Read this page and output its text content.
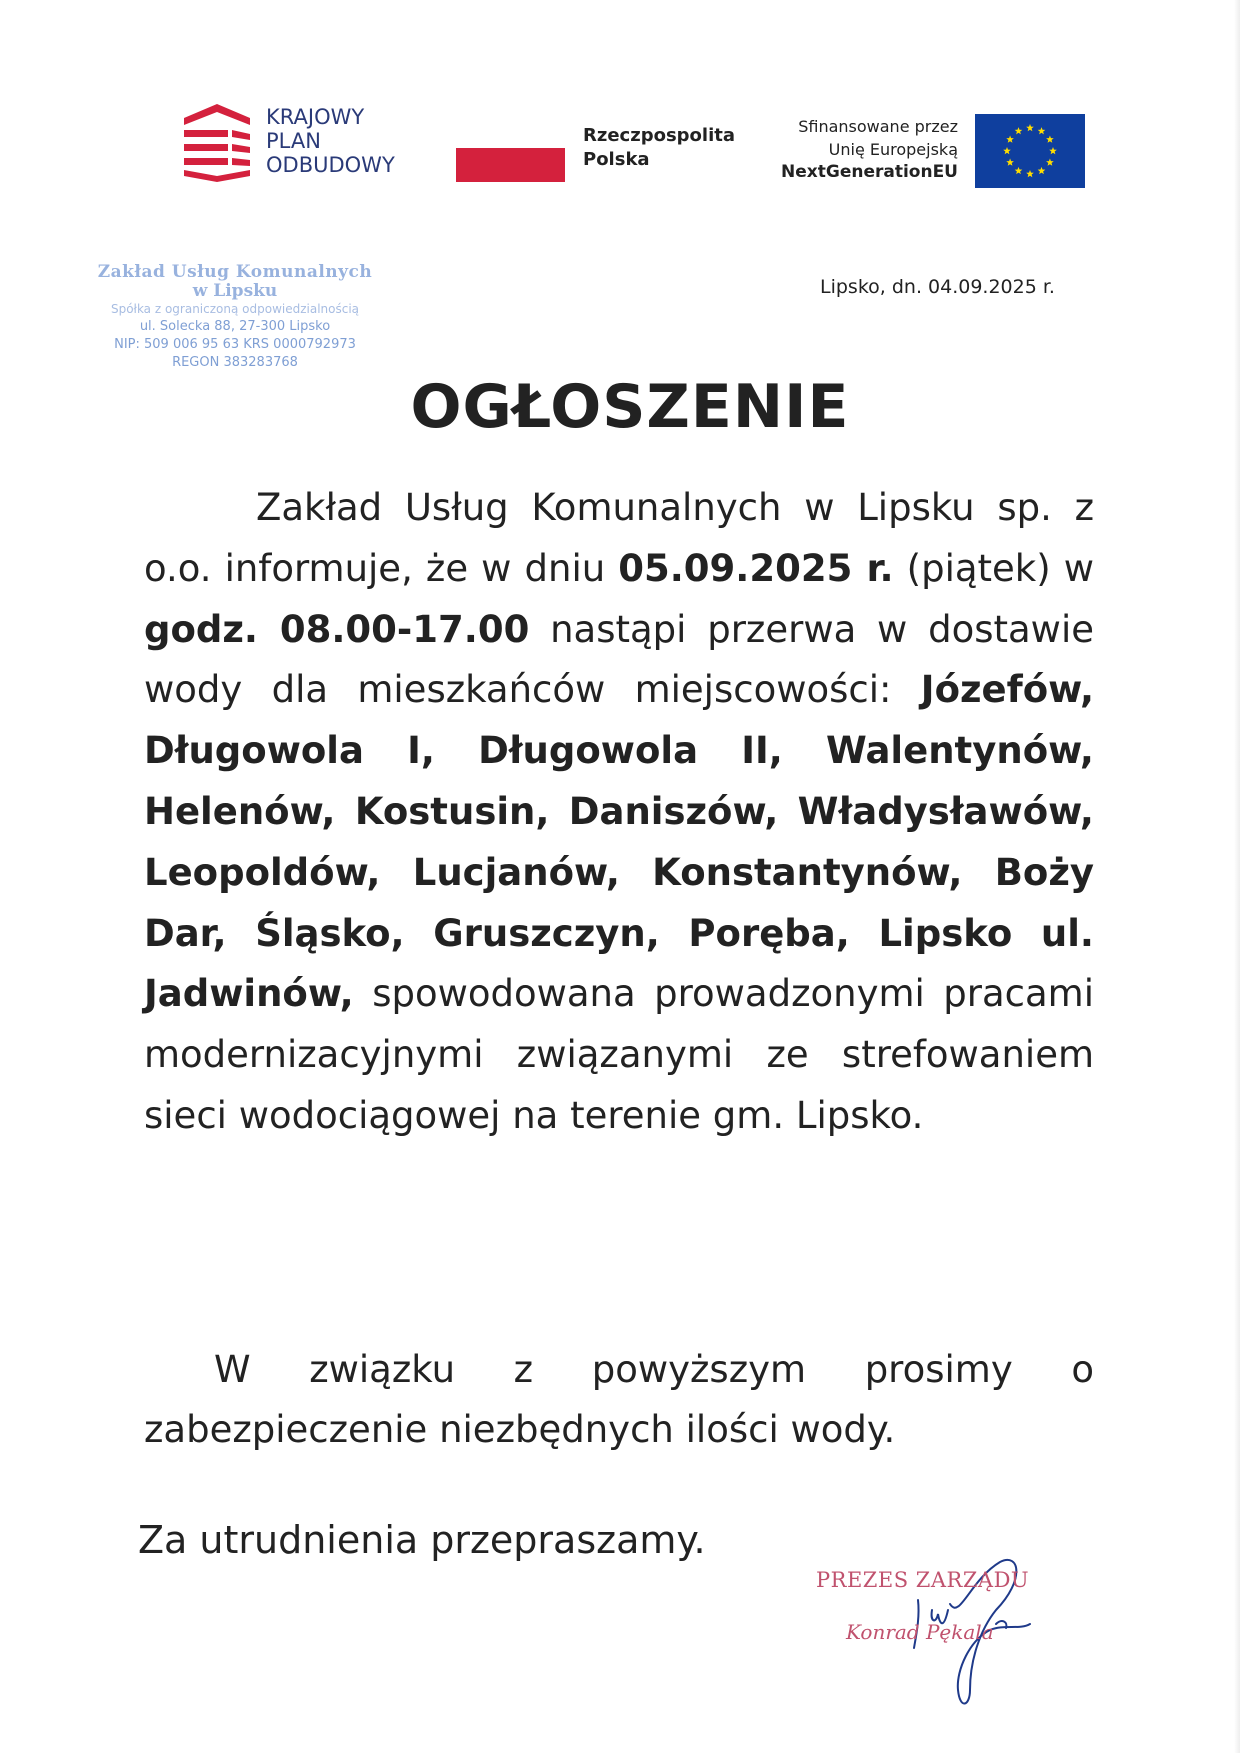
KRAJOWY
PLAN
ODBUDOWY
Rzeczpospolita
Polska
Sfinansowane przez
Unię Europejską
NextGenerationEU
Zakład Usług Komunalnych
w Lipsku
Spółka z ograniczoną odpowiedzialnością
ul. Solecka 88, 27-300 Lipsko
NIP: 509 006 95 63 KRS 0000792973
REGON 383283768
Lipsko, dn. 04.09.2025 r.
OGŁOSZENIE

Zakład Usług Komunalnych w Lipsku sp. z o.o. informuje, że w dniu 05.09.2025 r. (piątek) w godz. 08.00-17.00 nastąpi przerwa w dostawie wody dla mieszkańców miejscowości: Józefów, Długowola I, Długowola II, Walentynów, Helenów, Kostusin, Daniszów, Władysławów, Leopoldów, Lucjanów, Konstantynów, Boży Dar, Śląsko, Gruszczyn, Poręba, Lipsko ul. Jadwinów, spowodowana prowadzonymi pracami modernizacyjnymi związanymi ze strefowaniem sieci wodociągowej na terenie gm. Lipsko.

W związku z powyższym prosimy o zabezpieczenie niezbędnych ilości wody.

Za utrudnienia przepraszamy.
PREZES ZARZĄDU
Konrad Pękala
